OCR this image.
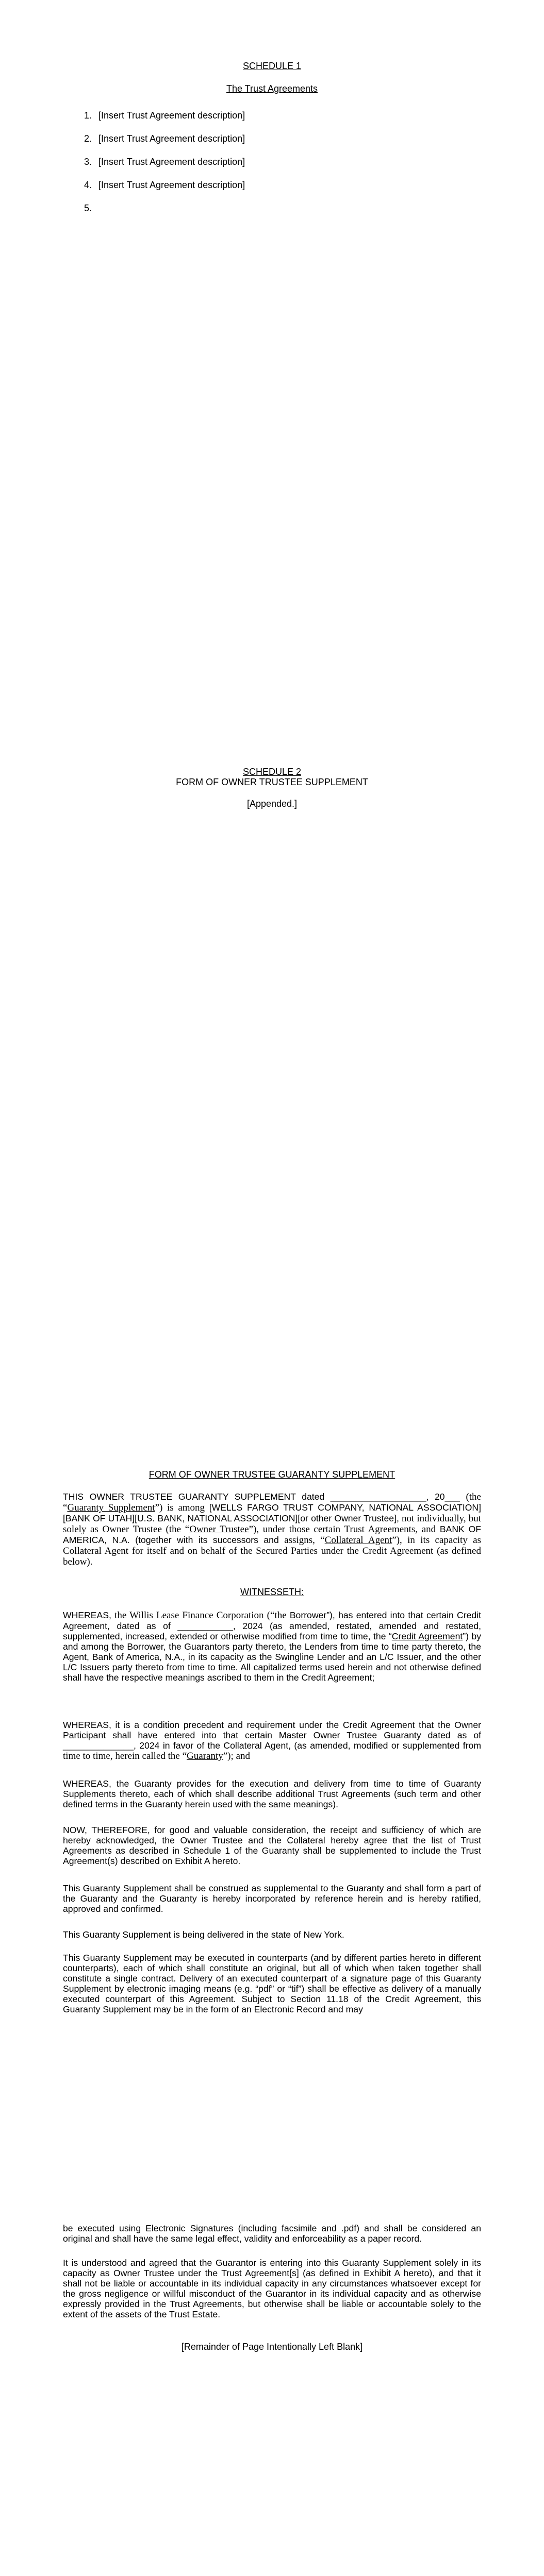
SCHEDULE 1
The Trust Agreements
1. [Insert Trust Agreement description]
2. [Insert Trust Agreement description]
3. [Insert Trust Agreement description]
4. [Insert Trust Agreement description]
5.
SCHEDULE 2
FORM OF OWNER TRUSTEE SUPPLEMENT
[Appended.]
FORM OF OWNER TRUSTEE GUARANTY SUPPLEMENT
THIS OWNER TRUSTEE GUARANTY SUPPLEMENT dated ___________________, 20___ (the “Guaranty Supplement”) is among [WELLS FARGO TRUST COMPANY, NATIONAL ASSOCIATION] [BANK OF UTAH][U.S. BANK, NATIONAL ASSOCIATION][or other Owner Trustee], not individually, but solely as Owner Trustee (the “Owner Trustee”), under those certain Trust Agreements, and BANK OF AMERICA, N.A. (together with its successors and assigns, “Collateral Agent”), in its capacity as Collateral Agent for itself and on behalf of the Secured Parties under the Credit Agreement (as defined below).
WITNESSETH:
WHEREAS, the Willis Lease Finance Corporation (“the Borrower”), has entered into that certain Credit Agreement, dated as of ___________, 2024 (as amended, restated, amended and restated, supplemented, increased, extended or otherwise modified from time to time, the “Credit Agreement”) by and among the Borrower, the Guarantors party thereto, the Lenders from time to time party thereto, the Agent, Bank of America, N.A., in its capacity as the Swingline Lender and an L/C Issuer, and the other L/C Issuers party thereto from time to time. All capitalized terms used herein and not otherwise defined shall have the respective meanings ascribed to them in the Credit Agreement;
WHEREAS, it is a condition precedent and requirement under the Credit Agreement that the Owner Participant shall have entered into that certain Master Owner Trustee Guaranty dated as of ______________, 2024 in favor of the Collateral Agent, (as amended, modified or supplemented from time to time, herein called the “Guaranty”); and
WHEREAS, the Guaranty provides for the execution and delivery from time to time of Guaranty Supplements thereto, each of which shall describe additional Trust Agreements (such term and other defined terms in the Guaranty herein used with the same meanings).
NOW, THEREFORE, for good and valuable consideration, the receipt and sufficiency of which are hereby acknowledged, the Owner Trustee and the Collateral hereby agree that the list of Trust Agreements as described in Schedule 1 of the Guaranty shall be supplemented to include the Trust Agreement(s) described on Exhibit A hereto.
This Guaranty Supplement shall be construed as supplemental to the Guaranty and shall form a part of the Guaranty and the Guaranty is hereby incorporated by reference herein and is hereby ratified, approved and confirmed.
This Guaranty Supplement is being delivered in the state of New York.
This Guaranty Supplement may be executed in counterparts (and by different parties hereto in different counterparts), each of which shall constitute an original, but all of which when taken together shall constitute a single contract. Delivery of an executed counterpart of a signature page of this Guaranty Supplement by electronic imaging means (e.g. “pdf” or “tif”) shall be effective as delivery of a manually executed counterpart of this Agreement. Subject to Section 11.18 of the Credit Agreement, this Guaranty Supplement may be in the form of an Electronic Record and may
be executed using Electronic Signatures (including facsimile and .pdf) and shall be considered an original and shall have the same legal effect, validity and enforceability as a paper record.
It is understood and agreed that the Guarantor is entering into this Guaranty Supplement solely in its capacity as Owner Trustee under the Trust Agreement[s] (as defined in Exhibit A hereto), and that it shall not be liable or accountable in its individual capacity in any circumstances whatsoever except for the gross negligence or willful misconduct of the Guarantor in its individual capacity and as otherwise expressly provided in the Trust Agreements, but otherwise shall be liable or accountable solely to the extent of the assets of the Trust Estate.
[Remainder of Page Intentionally Left Blank]
